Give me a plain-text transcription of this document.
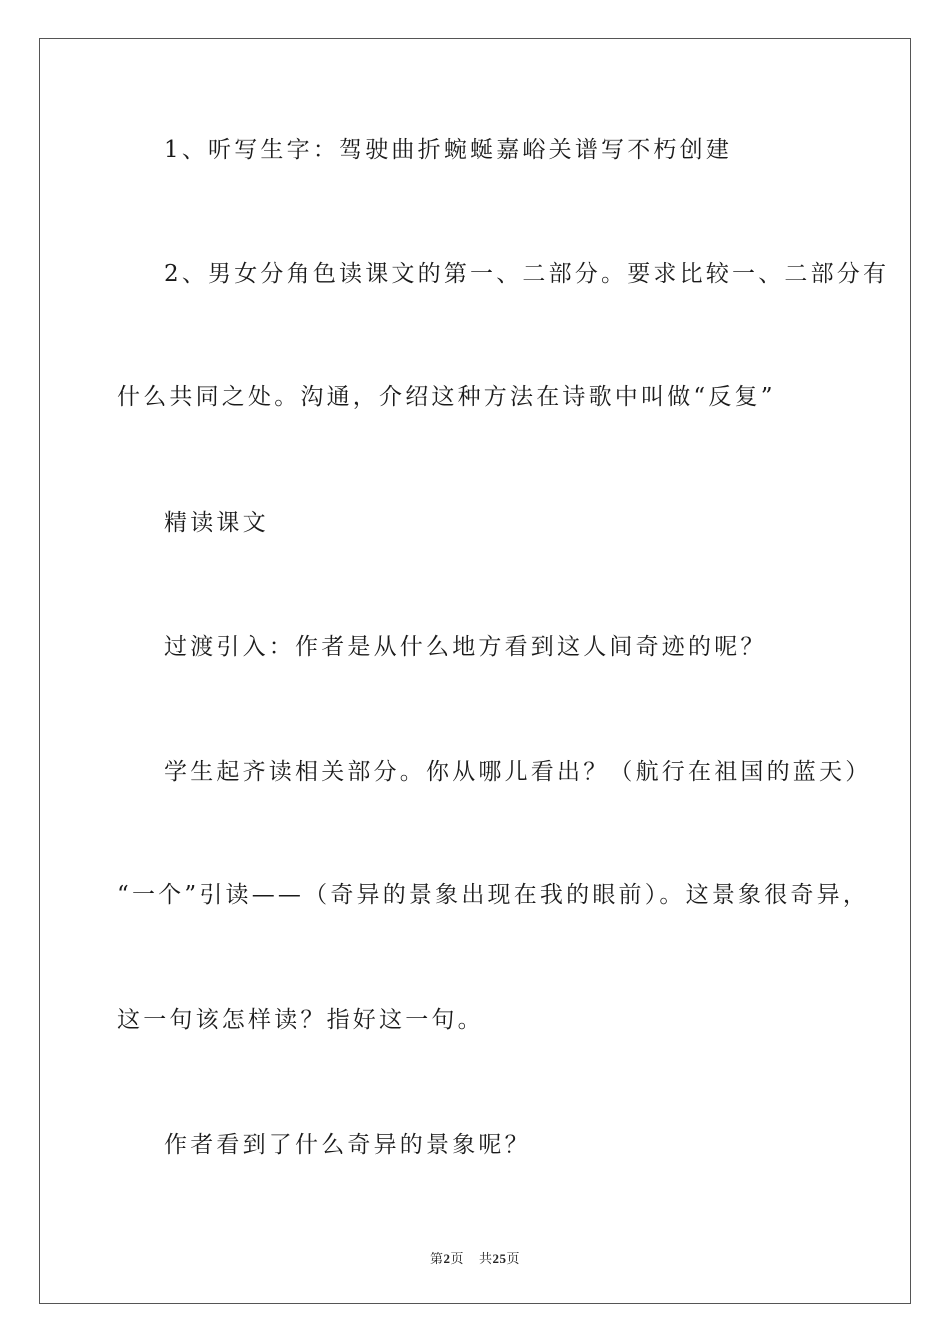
1、听写生字：驾驶曲折蜿蜒嘉峪关谱写不朽创建
2、男女分角色读课文的第一、二部分。要求比较一、二部分有
什么共同之处。沟通，介绍这种方法在诗歌中叫做“反复”
精读课文
过渡引入：作者是从什么地方看到这人间奇迹的呢？
学生起齐读相关部分。你从哪儿看出？（航行在祖国的蓝天）
“一个”引读——（奇异的景象出现在我的眼前）。这景象很奇异，
这一句该怎样读？指好这一句。
作者看到了什么奇异的景象呢？
第2页 共25页
